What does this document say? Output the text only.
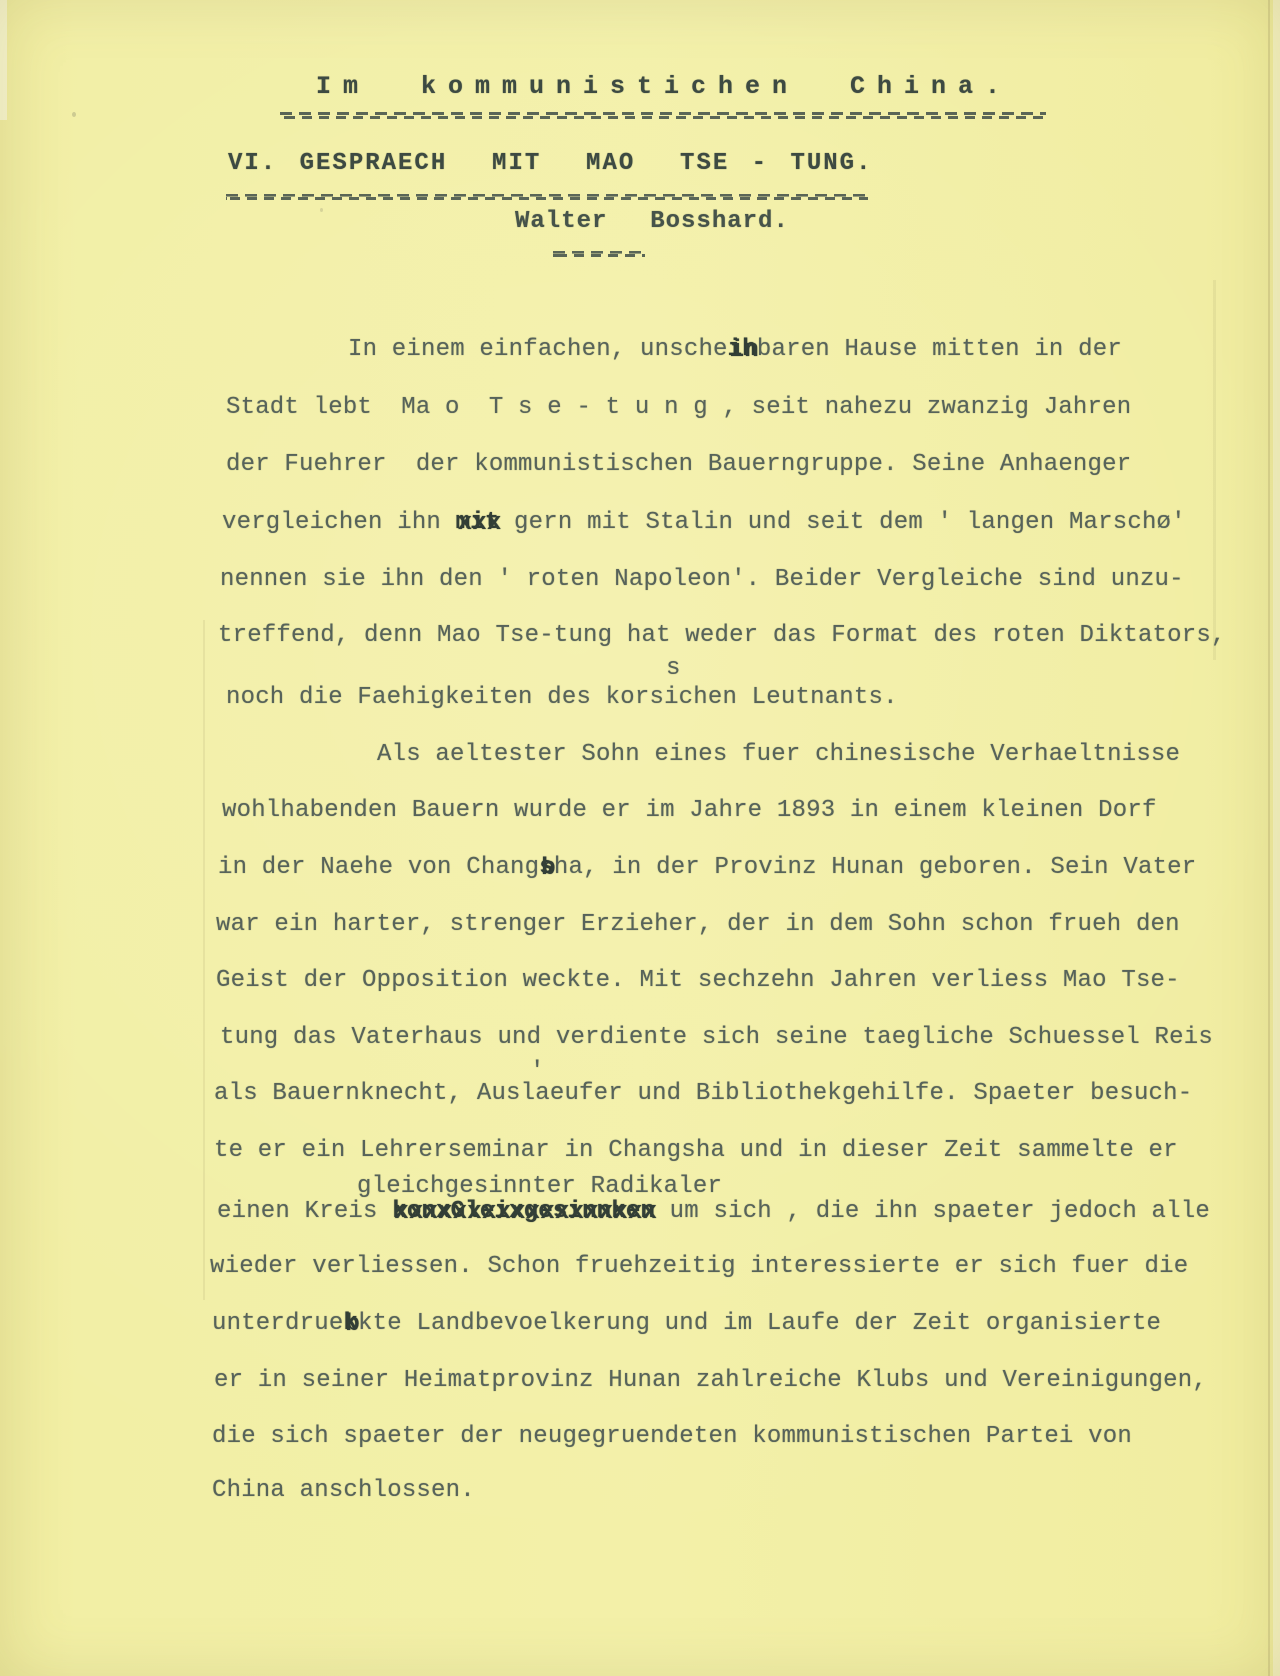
Im kommunistichen China.
VI. GESPRAECH  MIT  MAO  TSE - TUNG.
Walter  Bosshard.
In einem einfachen, unscheih inbaren Hause mitten in der
Stadt lebt  Ma o  T s e - t u n g , seit nahezu zwanzig Jahren
der Fuehrer  der kommunistischen Bauerngruppe. Seine Anhaenger
vergleichen ihn mit xxx gern mit Stalin und seit dem ' langen Marschø'
nennen sie ihn den ' roten Napoleon'. Beider Vergleiche sind unzu-
treffend, denn Mao Tse-tung hat weder das Format des roten Diktators,
s
noch die Faehigkeiten des korsichen Leutnants.
Als aeltester Sohn eines fuer chinesische Verhaeltnisse
wohlhabenden Bauern wurde er im Jahre 1893 in einem kleinen Dorf
in der Naehe von Changs bha, in der Provinz Hunan geboren. Sein Vater
war ein harter, strenger Erzieher, der in dem Sohn schon frueh den
Geist der Opposition weckte. Mit sechzehn Jahren verliess Mao Tse-
tung das Vaterhaus und verdiente sich seine taegliche Schuessel Reis
'
als Bauernknecht, Auslaeufer und Bibliothekgehilfe. Spaeter besuch-
te er ein Lehrerseminar in Changsha und in dieser Zeit sammelte er
gleichgesinnter Radikaler
einen Kreis konxGleixgesinnken xxxxxxxxxxxxxxxxxx um sich , die ihn spaeter jedoch alle
wieder verliessen. Schon fruehzeitig interessierte er sich fuer die
unterdruek bkte Landbevoelkerung und im Laufe der Zeit organisierte
er in seiner Heimatprovinz Hunan zahlreiche Klubs und Vereinigungen,
die sich spaeter der neugegruendeten kommunistischen Partei von
China anschlossen.
